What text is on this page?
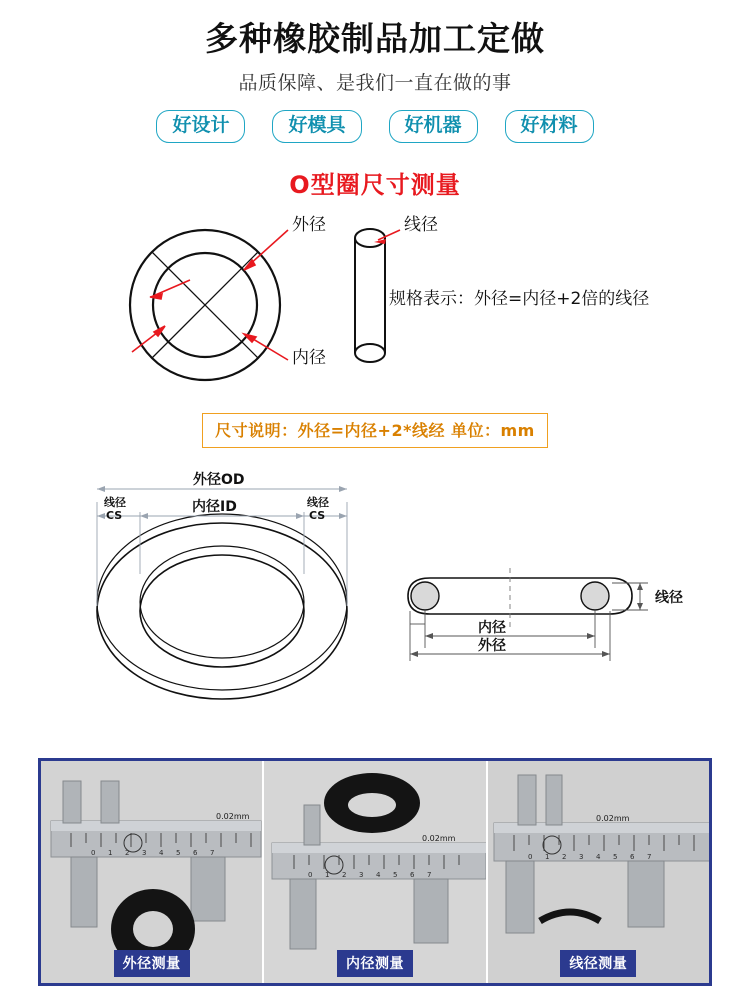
多种橡胶制品加工定做
品质保障、是我们一直在做的事
好设计	好模具	好机器	好材料
O型圈尺寸测量
外径
内径
线径
规格表示：外径=内径+2倍的线径
尺寸说明：外径=内径+2*线经 单位：mm
外径OD
内径ID
线径
CS
线径
CS
线径
内径
外径
0 1 2 3 4 5 6 7
0.02mm
外径测量
0 1 2 3 4 5 6 7
0.02mm
内径测量
0 1 2 3 4 5 6 7
0.02mm
线径测量
